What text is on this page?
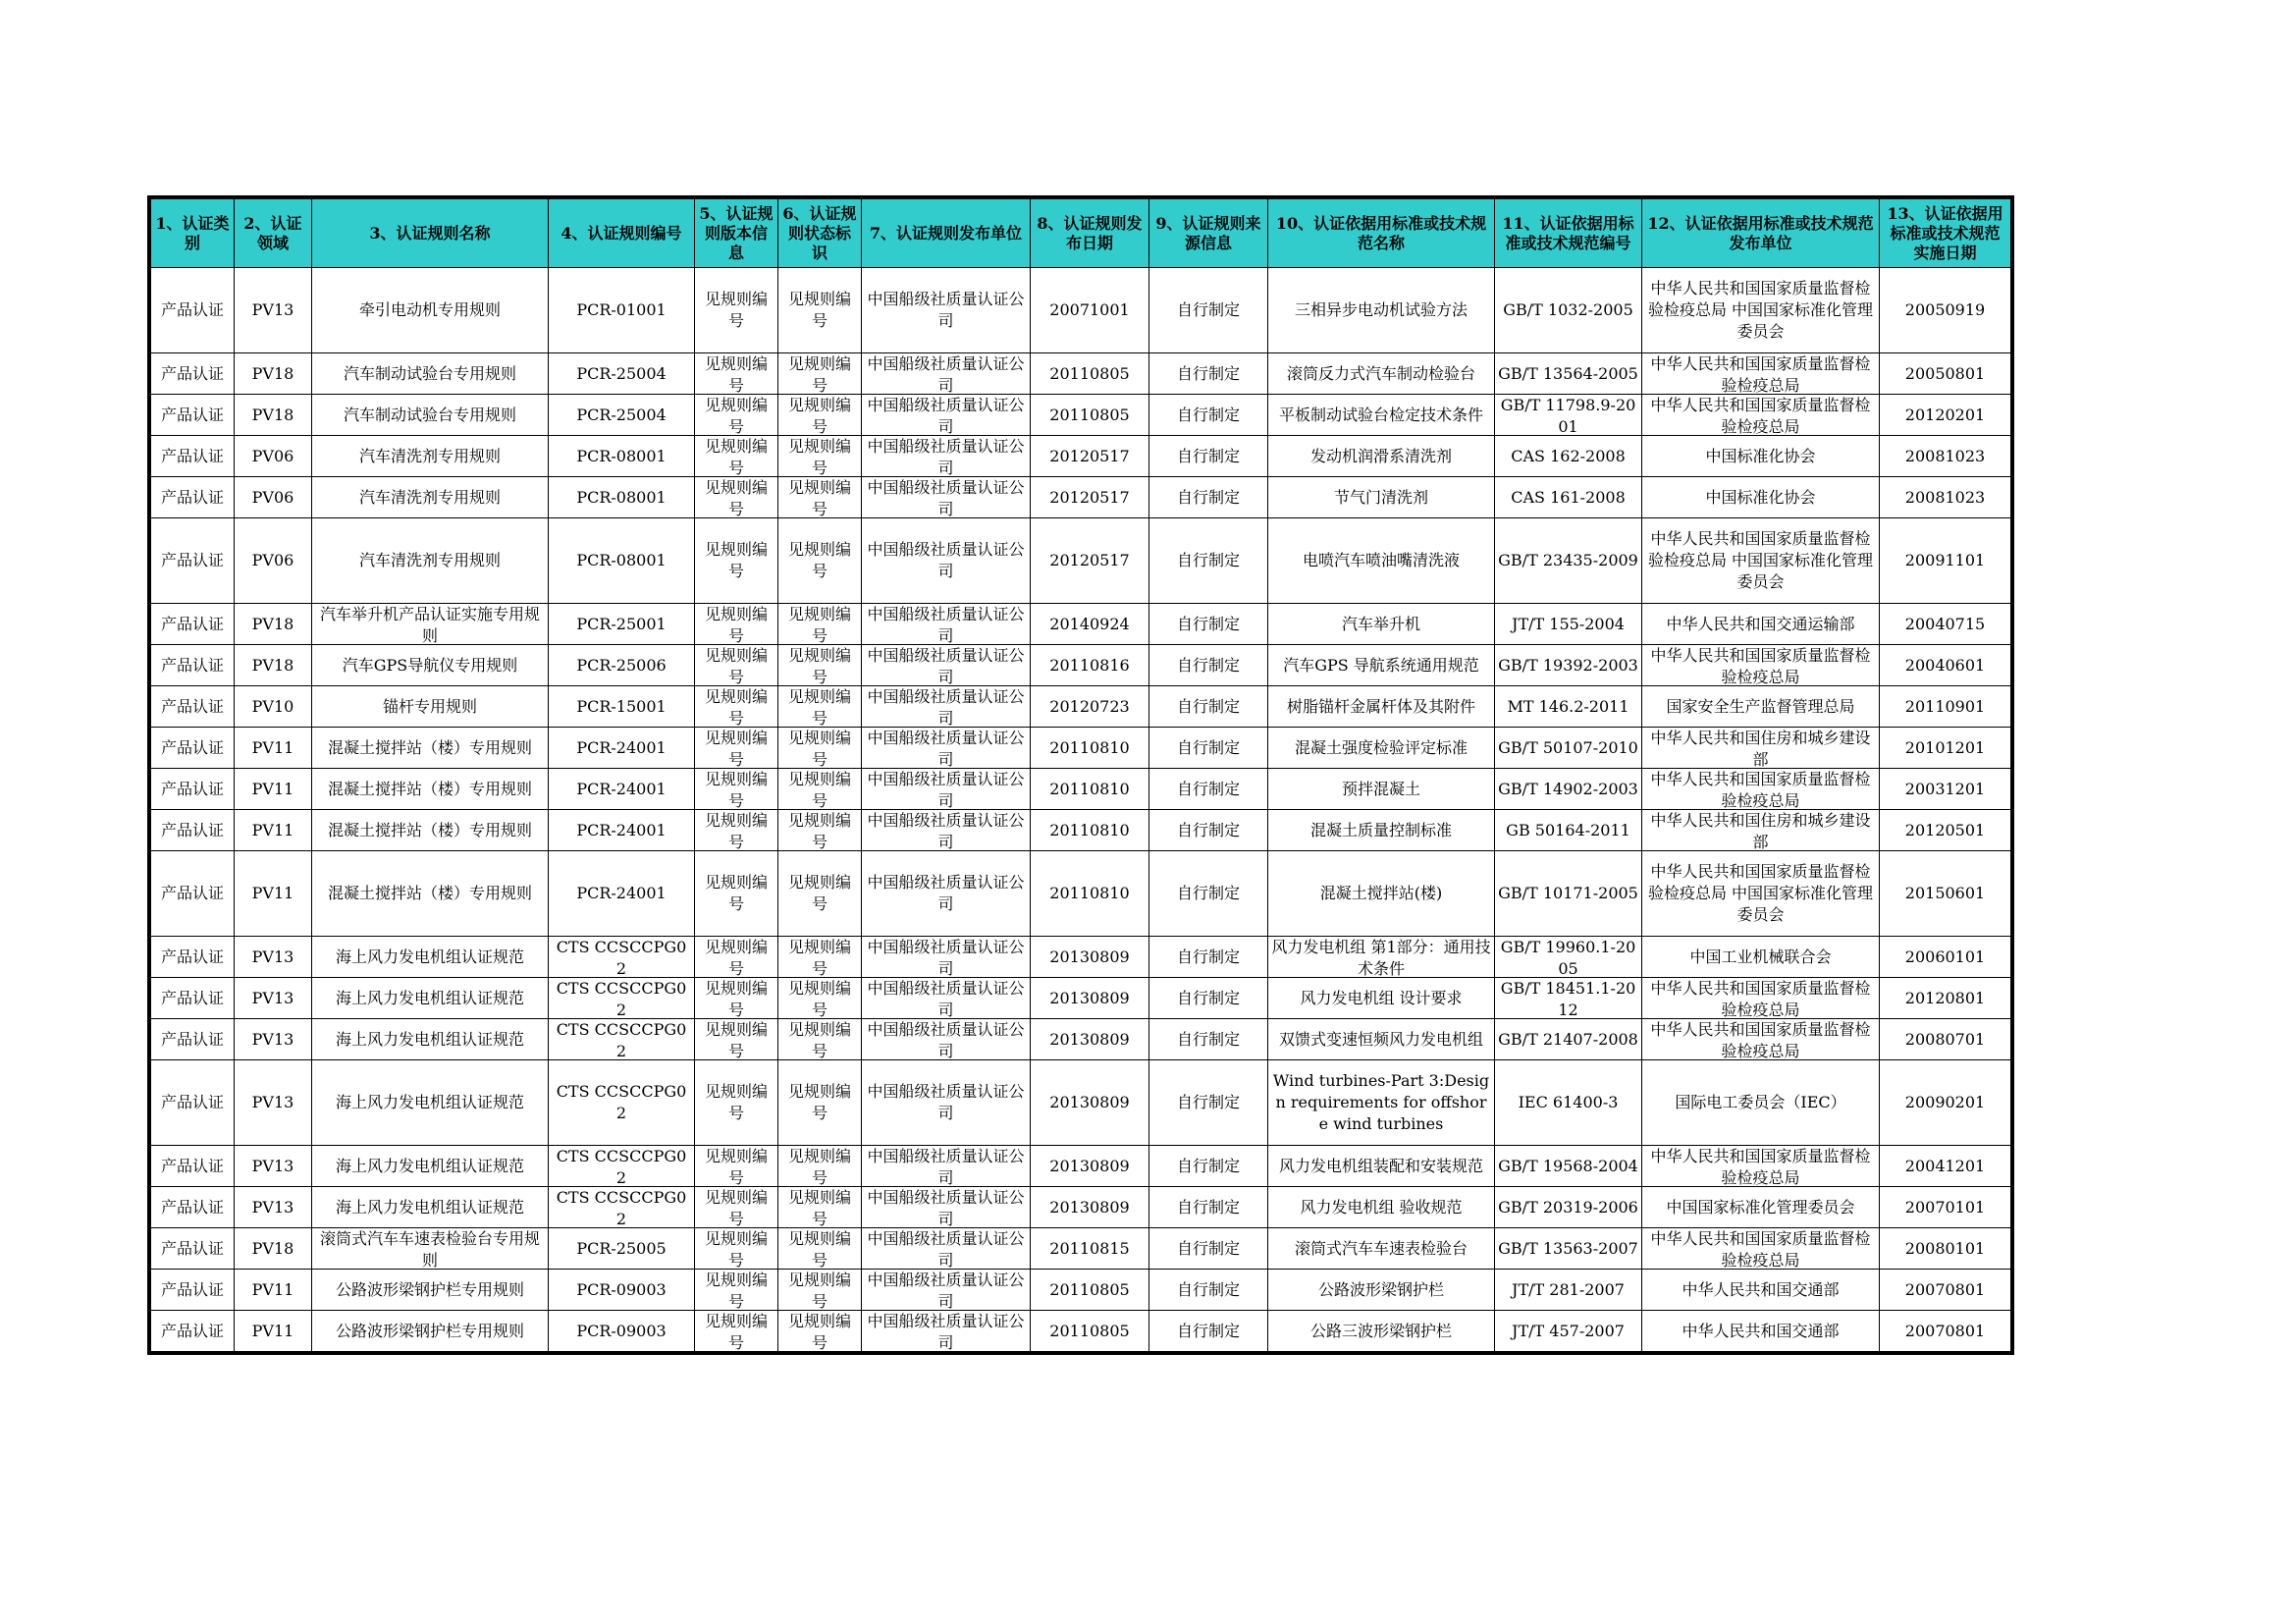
1、认证类别	2、认证领域	3、认证规则名称	4、认证规则编号	5、认证规则版本信息	6、认证规则状态标识	7、认证规则发布单位	8、认证规则发布日期	9、认证规则来源信息	10、认证依据用标准或技术规范名称	11、认证依据用标准或技术规范编号	12、认证依据用标准或技术规范发布单位	13、认证依据用标准或技术规范实施日期

产品认证	PV13	牵引电动机专用规则	PCR-01001	见规则编号	见规则编号	中国船级社质量认证公司	20071001	自行制定	三相异步电动机试验方法	GB/T 1032-2005	中华人民共和国国家质量监督检验检疫总局 中国国家标准化管理委员会	20050919

产品认证	PV18	汽车制动试验台专用规则	PCR-25004	见规则编号	见规则编号	中国船级社质量认证公司	20110805	自行制定	滚筒反力式汽车制动检验台	GB/T 13564-2005	中华人民共和国国家质量监督检验检疫总局	20050801

产品认证	PV18	汽车制动试验台专用规则	PCR-25004	见规则编号	见规则编号	中国船级社质量认证公司	20110805	自行制定	平板制动试验台检定技术条件	GB/T 11798.9-2001	中华人民共和国国家质量监督检验检疫总局	20120201

产品认证	PV06	汽车清洗剂专用规则	PCR-08001	见规则编号	见规则编号	中国船级社质量认证公司	20120517	自行制定	发动机润滑系清洗剂	CAS 162-2008	中国标准化协会	20081023

产品认证	PV06	汽车清洗剂专用规则	PCR-08001	见规则编号	见规则编号	中国船级社质量认证公司	20120517	自行制定	节气门清洗剂	CAS 161-2008	中国标准化协会	20081023

产品认证	PV06	汽车清洗剂专用规则	PCR-08001	见规则编号	见规则编号	中国船级社质量认证公司	20120517	自行制定	电喷汽车喷油嘴清洗液	GB/T 23435-2009	中华人民共和国国家质量监督检验检疫总局 中国国家标准化管理委员会	20091101

产品认证	PV18	汽车举升机产品认证实施专用规则	PCR-25001	见规则编号	见规则编号	中国船级社质量认证公司	20140924	自行制定	汽车举升机	JT/T 155-2004	中华人民共和国交通运输部	20040715

产品认证	PV18	汽车GPS导航仪专用规则	PCR-25006	见规则编号	见规则编号	中国船级社质量认证公司	20110816	自行制定	汽车GPS 导航系统通用规范	GB/T 19392-2003	中华人民共和国国家质量监督检验检疫总局	20040601

产品认证	PV10	锚杆专用规则	PCR-15001	见规则编号	见规则编号	中国船级社质量认证公司	20120723	自行制定	树脂锚杆金属杆体及其附件	MT 146.2-2011	国家安全生产监督管理总局	20110901

产品认证	PV11	混凝土搅拌站（楼）专用规则	PCR-24001	见规则编号	见规则编号	中国船级社质量认证公司	20110810	自行制定	混凝土强度检验评定标准	GB/T 50107-2010	中华人民共和国住房和城乡建设部	20101201

产品认证	PV11	混凝土搅拌站（楼）专用规则	PCR-24001	见规则编号	见规则编号	中国船级社质量认证公司	20110810	自行制定	预拌混凝土	GB/T 14902-2003	中华人民共和国国家质量监督检验检疫总局	20031201

产品认证	PV11	混凝土搅拌站（楼）专用规则	PCR-24001	见规则编号	见规则编号	中国船级社质量认证公司	20110810	自行制定	混凝土质量控制标准	GB 50164-2011	中华人民共和国住房和城乡建设部	20120501

产品认证	PV11	混凝土搅拌站（楼）专用规则	PCR-24001	见规则编号	见规则编号	中国船级社质量认证公司	20110810	自行制定	混凝土搅拌站(楼)	GB/T 10171-2005	中华人民共和国国家质量监督检验检疫总局 中国国家标准化管理委员会	20150601

产品认证	PV13	海上风力发电机组认证规范	CTS CCSCCPG02	见规则编号	见规则编号	中国船级社质量认证公司	20130809	自行制定	风力发电机组 第1部分：通用技术条件	GB/T 19960.1-2005	中国工业机械联合会	20060101

产品认证	PV13	海上风力发电机组认证规范	CTS CCSCCPG02	见规则编号	见规则编号	中国船级社质量认证公司	20130809	自行制定	风力发电机组 设计要求	GB/T 18451.1-2012	中华人民共和国国家质量监督检验检疫总局	20120801

产品认证	PV13	海上风力发电机组认证规范	CTS CCSCCPG02	见规则编号	见规则编号	中国船级社质量认证公司	20130809	自行制定	双馈式变速恒频风力发电机组	GB/T 21407-2008	中华人民共和国国家质量监督检验检疫总局	20080701

产品认证	PV13	海上风力发电机组认证规范	CTS CCSCCPG02	见规则编号	见规则编号	中国船级社质量认证公司	20130809	自行制定	Wind turbines-Part 3:Design requirements for offshore wind turbines	IEC 61400-3	国际电工委员会（IEC）	20090201

产品认证	PV13	海上风力发电机组认证规范	CTS CCSCCPG02	见规则编号	见规则编号	中国船级社质量认证公司	20130809	自行制定	风力发电机组装配和安装规范	GB/T 19568-2004	中华人民共和国国家质量监督检验检疫总局	20041201

产品认证	PV13	海上风力发电机组认证规范	CTS CCSCCPG02	见规则编号	见规则编号	中国船级社质量认证公司	20130809	自行制定	风力发电机组 验收规范	GB/T 20319-2006	中国国家标准化管理委员会	20070101

产品认证	PV18	滚筒式汽车车速表检验台专用规则	PCR-25005	见规则编号	见规则编号	中国船级社质量认证公司	20110815	自行制定	滚筒式汽车车速表检验台	GB/T 13563-2007	中华人民共和国国家质量监督检验检疫总局	20080101

产品认证	PV11	公路波形梁钢护栏专用规则	PCR-09003	见规则编号	见规则编号	中国船级社质量认证公司	20110805	自行制定	公路波形梁钢护栏	JT/T 281-2007	中华人民共和国交通部	20070801

产品认证	PV11	公路波形梁钢护栏专用规则	PCR-09003	见规则编号	见规则编号	中国船级社质量认证公司	20110805	自行制定	公路三波形梁钢护栏	JT/T 457-2007	中华人民共和国交通部	20070801
